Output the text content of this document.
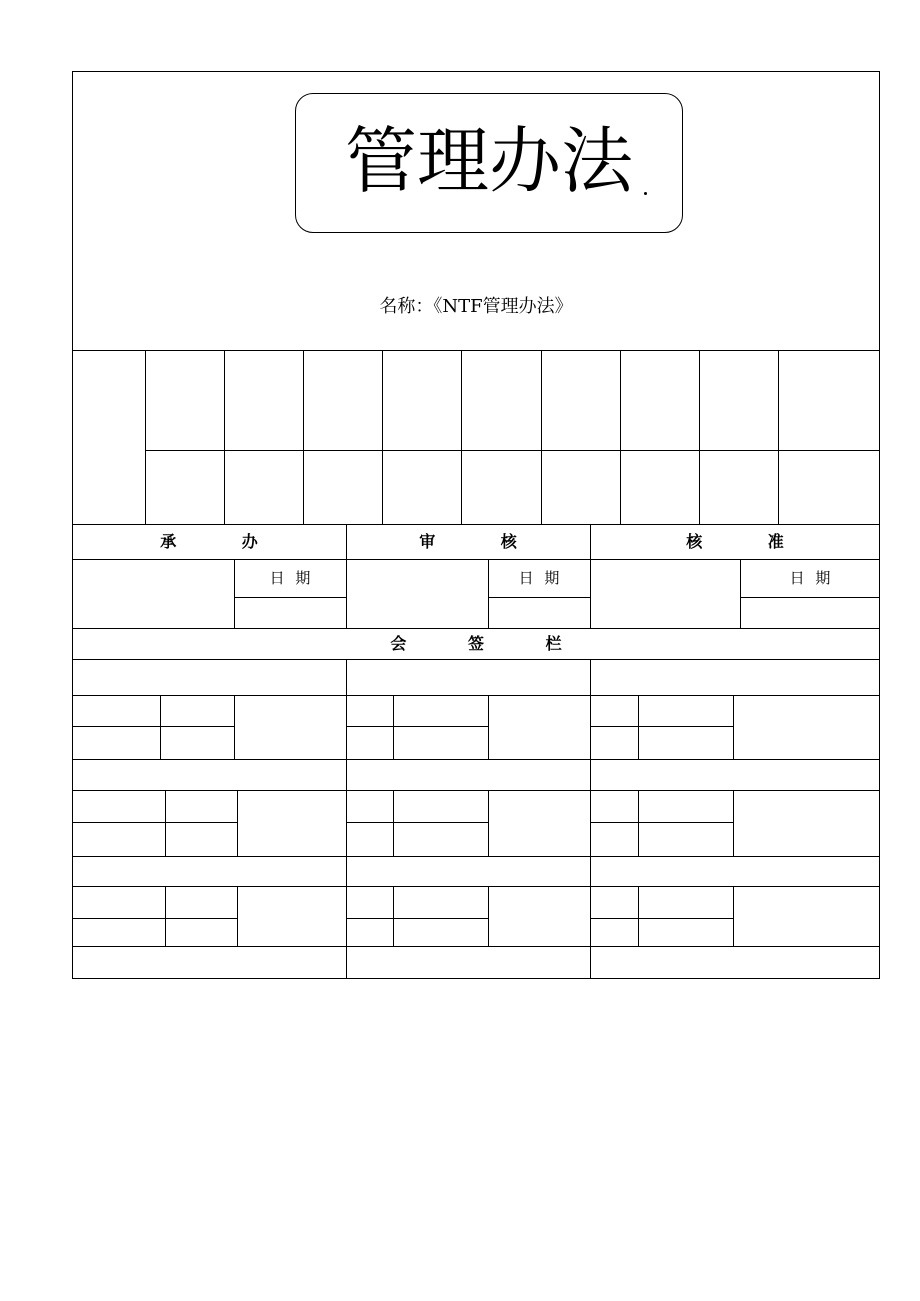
管理办法
名称：《NTF管理办法》
承 办	审 核	核 准
日 期	日 期	日 期
会 签 栏
